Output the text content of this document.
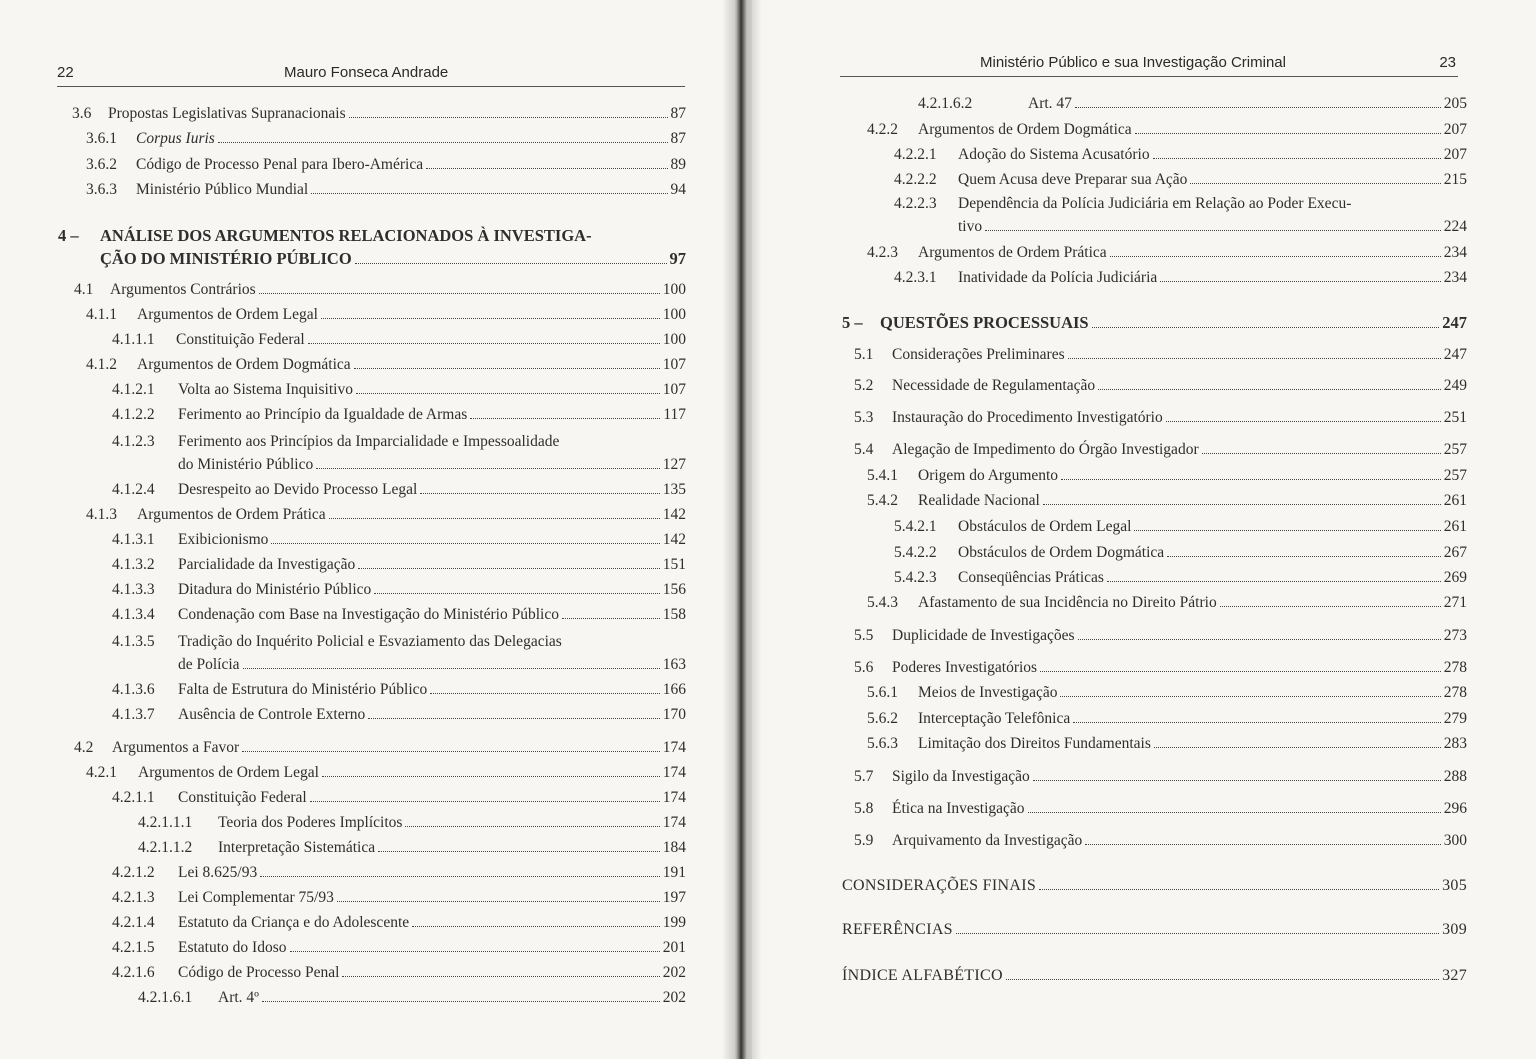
22	Mauro Fonseca Andrade
3.6	Propostas Legislativas Supranacionais	87
3.6.1	Corpus Iuris	87
3.6.2	Código de Processo Penal para Ibero-América	89
3.6.3	Ministério Público Mundial	94
4 – ANÁLISE DOS ARGUMENTOS RELACIONADOS À INVESTIGA-
ÇÃO DO MINISTÉRIO PÚBLICO	97
4.1	Argumentos Contrários	100
4.1.1	Argumentos de Ordem Legal	100
4.1.1.1	Constituição Federal	100
4.1.2	Argumentos de Ordem Dogmática	107
4.1.2.1	Volta ao Sistema Inquisitivo	107
4.1.2.2	Ferimento ao Princípio da Igualdade de Armas	117
4.1.2.3 Ferimento aos Princípios da Imparcialidade e Impessoalidade
do Ministério Público	127
4.1.2.4	Desrespeito ao Devido Processo Legal	135
4.1.3	Argumentos de Ordem Prática	142
4.1.3.1	Exibicionismo	142
4.1.3.2	Parcialidade da Investigação	151
4.1.3.3	Ditadura do Ministério Público	156
4.1.3.4	Condenação com Base na Investigação do Ministério Público	158
4.1.3.5 Tradição do Inquérito Policial e Esvaziamento das Delegacias
de Polícia	163
4.1.3.6	Falta de Estrutura do Ministério Público	166
4.1.3.7	Ausência de Controle Externo	170
4.2	Argumentos a Favor	174
4.2.1	Argumentos de Ordem Legal	174
4.2.1.1	Constituição Federal	174
4.2.1.1.1	Teoria dos Poderes Implícitos	174
4.2.1.1.2	Interpretação Sistemática	184
4.2.1.2	Lei 8.625/93	191
4.2.1.3	Lei Complementar 75/93	197
4.2.1.4	Estatuto da Criança e do Adolescente	199
4.2.1.5	Estatuto do Idoso	201
4.2.1.6	Código de Processo Penal	202
4.2.1.6.1	Art. 4º	202
Ministério Público e sua Investigação Criminal	23
4.2.1.6.2	Art. 47	205
4.2.2	Argumentos de Ordem Dogmática	207
4.2.2.1	Adoção do Sistema Acusatório	207
4.2.2.2	Quem Acusa deve Preparar sua Ação	215
4.2.2.3 Dependência da Polícia Judiciária em Relação ao Poder Execu-
tivo	224
4.2.3	Argumentos de Ordem Prática	234
4.2.3.1	Inatividade da Polícia Judiciária	234
5 –	QUESTÕES PROCESSUAIS	247
5.1	Considerações Preliminares	247
5.2	Necessidade de Regulamentação	249
5.3	Instauração do Procedimento Investigatório	251
5.4	Alegação de Impedimento do Órgão Investigador	257
5.4.1	Origem do Argumento	257
5.4.2	Realidade Nacional	261
5.4.2.1	Obstáculos de Ordem Legal	261
5.4.2.2	Obstáculos de Ordem Dogmática	267
5.4.2.3	Conseqüências Práticas	269
5.4.3	Afastamento de sua Incidência no Direito Pátrio	271
5.5	Duplicidade de Investigações	273
5.6	Poderes Investigatórios	278
5.6.1	Meios de Investigação	278
5.6.2	Interceptação Telefônica	279
5.6.3	Limitação dos Direitos Fundamentais	283
5.7	Sigilo da Investigação	288
5.8	Ética na Investigação	296
5.9	Arquivamento da Investigação	300
CONSIDERAÇÕES FINAIS	305
REFERÊNCIAS	309
ÍNDICE ALFABÉTICO	327
